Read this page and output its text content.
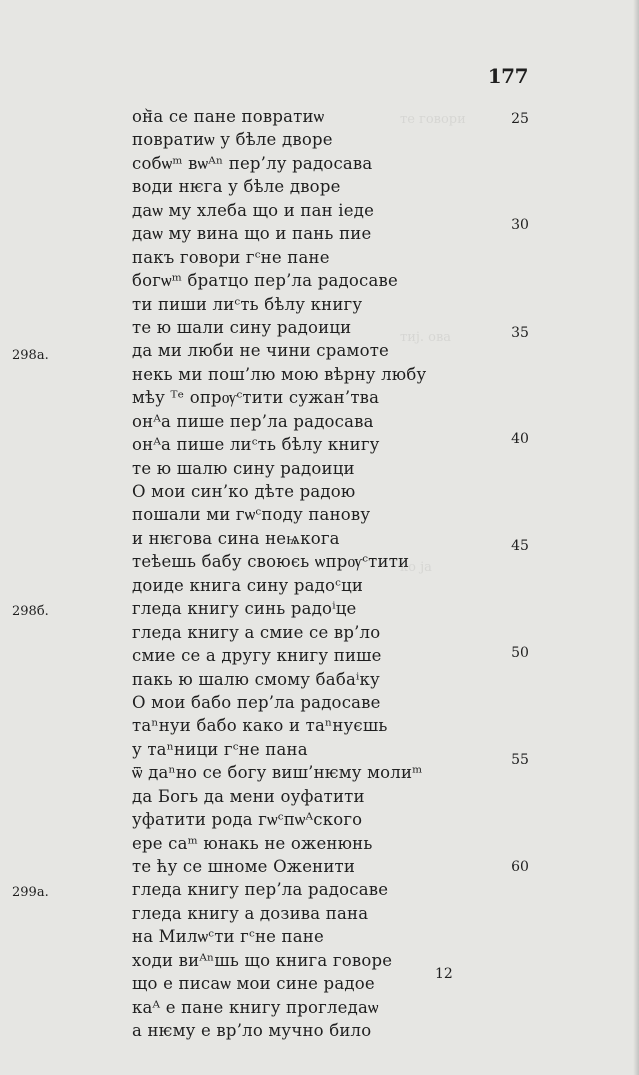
те говори
тиј. ова
ко ја
177
он᷅а се пане повратиѡ
повратиѡ у бѣле дворе
собѡᵐ вѡᴬⁿ пер’лу радосава
води нѥга у бѣле дворе
даѡ му хлеба що и пан іеде
даѡ му вина що и пань пие
пакъ говори гᶜне пане
богѡᵐ братцо пер’ла радосаве
ти пиши лиᶜть бѣлу книгу
те ю шали сину радоици
да ми люби не чини срамоте
некь ми пош’лю мою вѣрну любу
мѣу ᵀᵉ опрѹᶜтити сужан’тва
онᴬа пише пер’ла радосава
онᴬа пише лиᶜть бѣлу книгу
те ю шалю сину радоици
О мои син’ко дѣте радою
пошали ми гѡᶜподу панову
и нѥгова сина неѩкога
теѣешь бабу своюєь ѡпрѹᶜтити
доиде книга сину радоᶜци
гледа книгу синь радоⁱце
гледа книгу а смие се вр’ло
смие се а другу книгу пише
пакь ю шалю смому бабаⁱку
О мои бабо пер’ла радосаве
таⁿнуи бабо како и таⁿнуєшь
у таⁿници гᶜне пана
ѿ даⁿно се богу виш’нѥму молиᵐ
да Богь да мени оуфатити
уфатити рода гѡᶜпѡᴬского
ере саᵐ юнакь не оженюнь
те ћу се шноме Оженити
гледа книгу пер’ла радосаве
гледа книгу а дозива пана
на Милѡᶜти гᶜне пане
ходи виᴬⁿшь що книга говоре
що е писаѡ мои сине радое
каᴬ е пане книгу прогледаѡ
а нѥму е вр’ло мучно било
25
30
35
40
45
50
55
60
298а.
298б.
299а.
12
